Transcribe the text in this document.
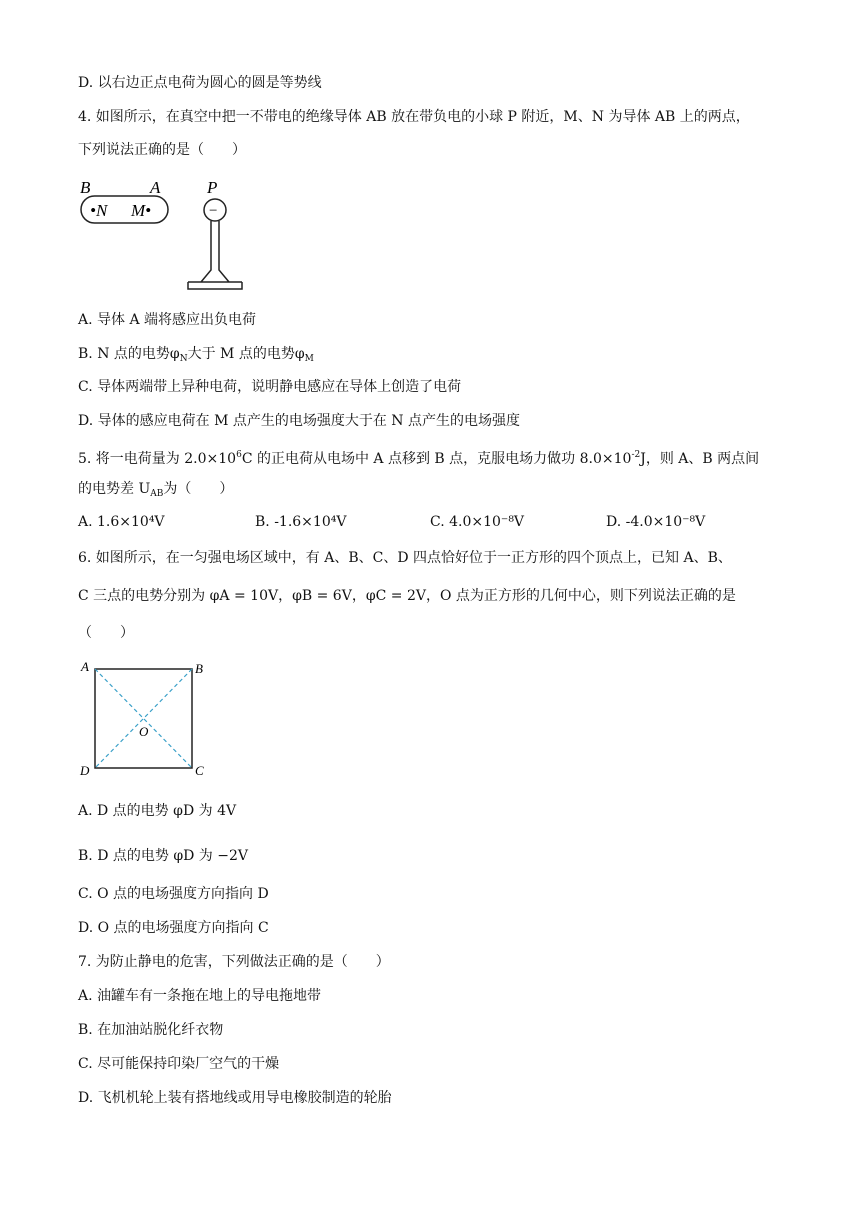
D. 以右边正点电荷为圆心的圆是等势线
4. 如图所示，在真空中把一不带电的绝缘导体 AB 放在带负电的小球 P 附近，M、N 为导体 AB 上的两点，
下列说法正确的是（　　）
B	A	P
•N M•	−
A. 导体 A 端将感应出负电荷
B. N 点的电势$\varphi_N$大于 M 点的电势$\varphi_M$
C. 导体两端带上异种电荷，说明静电感应在导体上创造了电荷
D. 导体的感应电荷在 M 点产生的电场强度大于在 N 点产生的电场强度
5. 将一电荷量为 $2.0\times 10^6C$ 的正电荷从电场中 A 点移到 B 点，克服电场力做功 $8.0\times 10^{-2}J$，则 A、B 两点间
的电势差 $U_{AB}$为（　　）
A. 1.6×10⁴V	B. -1.6×10⁴V	C. 4.0×10⁻⁸V	D. -4.0×10⁻⁸V
6. 如图所示，在一匀强电场区域中，有 A、B、C、D 四点恰好位于一正方形的四个顶点上，已知 A、B、
C 三点的电势分别为 φA = 10V，φB = 6V，φC = 2V，O 点为正方形的几何中心，则下列说法正确的是
（　　）
A	B
C
D
O
A. D 点的电势 φD 为 4V
B. D 点的电势 φD 为 −2V
C. O 点的电场强度方向指向 D
D. O 点的电场强度方向指向 C
7. 为防止静电的危害，下列做法正确的是（　　）
A. 油罐车有一条拖在地上的导电拖地带
B. 在加油站脱化纤衣物
C. 尽可能保持印染厂空气的干燥
D. 飞机机轮上装有搭地线或用导电橡胶制造的轮胎
